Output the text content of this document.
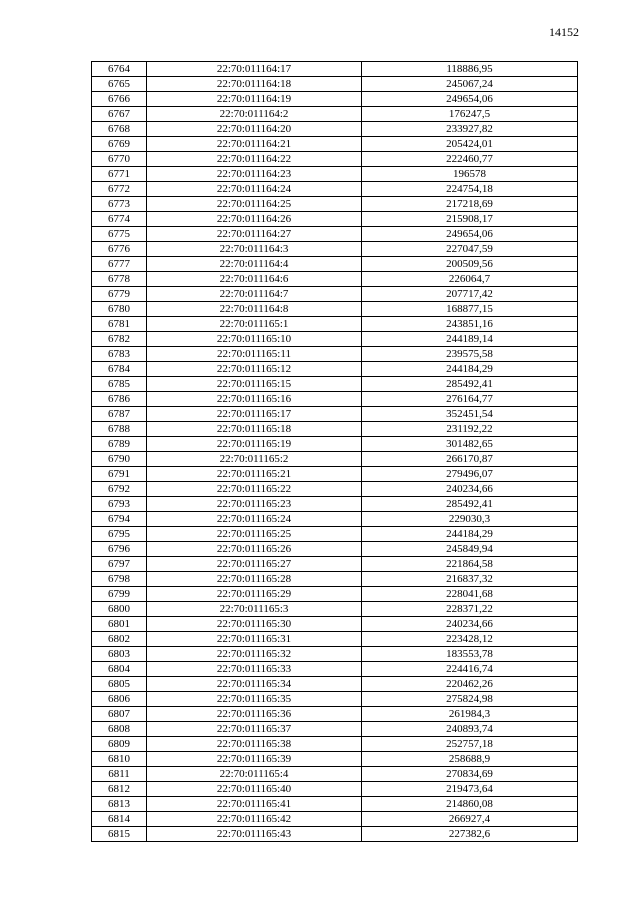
14152
6764	22:70:011164:17	118886,95
6765	22:70:011164:18	245067,24
6766	22:70:011164:19	249654,06
6767	22:70:011164:2	176247,5
6768	22:70:011164:20	233927,82
6769	22:70:011164:21	205424,01
6770	22:70:011164:22	222460,77
6771	22:70:011164:23	196578
6772	22:70:011164:24	224754,18
6773	22:70:011164:25	217218,69
6774	22:70:011164:26	215908,17
6775	22:70:011164:27	249654,06
6776	22:70:011164:3	227047,59
6777	22:70:011164:4	200509,56
6778	22:70:011164:6	226064,7
6779	22:70:011164:7	207717,42
6780	22:70:011164:8	168877,15
6781	22:70:011165:1	243851,16
6782	22:70:011165:10	244189,14
6783	22:70:011165:11	239575,58
6784	22:70:011165:12	244184,29
6785	22:70:011165:15	285492,41
6786	22:70:011165:16	276164,77
6787	22:70:011165:17	352451,54
6788	22:70:011165:18	231192,22
6789	22:70:011165:19	301482,65
6790	22:70:011165:2	266170,87
6791	22:70:011165:21	279496,07
6792	22:70:011165:22	240234,66
6793	22:70:011165:23	285492,41
6794	22:70:011165:24	229030,3
6795	22:70:011165:25	244184,29
6796	22:70:011165:26	245849,94
6797	22:70:011165:27	221864,58
6798	22:70:011165:28	216837,32
6799	22:70:011165:29	228041,68
6800	22:70:011165:3	228371,22
6801	22:70:011165:30	240234,66
6802	22:70:011165:31	223428,12
6803	22:70:011165:32	183553,78
6804	22:70:011165:33	224416,74
6805	22:70:011165:34	220462,26
6806	22:70:011165:35	275824,98
6807	22:70:011165:36	261984,3
6808	22:70:011165:37	240893,74
6809	22:70:011165:38	252757,18
6810	22:70:011165:39	258688,9
6811	22:70:011165:4	270834,69
6812	22:70:011165:40	219473,64
6813	22:70:011165:41	214860,08
6814	22:70:011165:42	266927,4
6815	22:70:011165:43	227382,6
